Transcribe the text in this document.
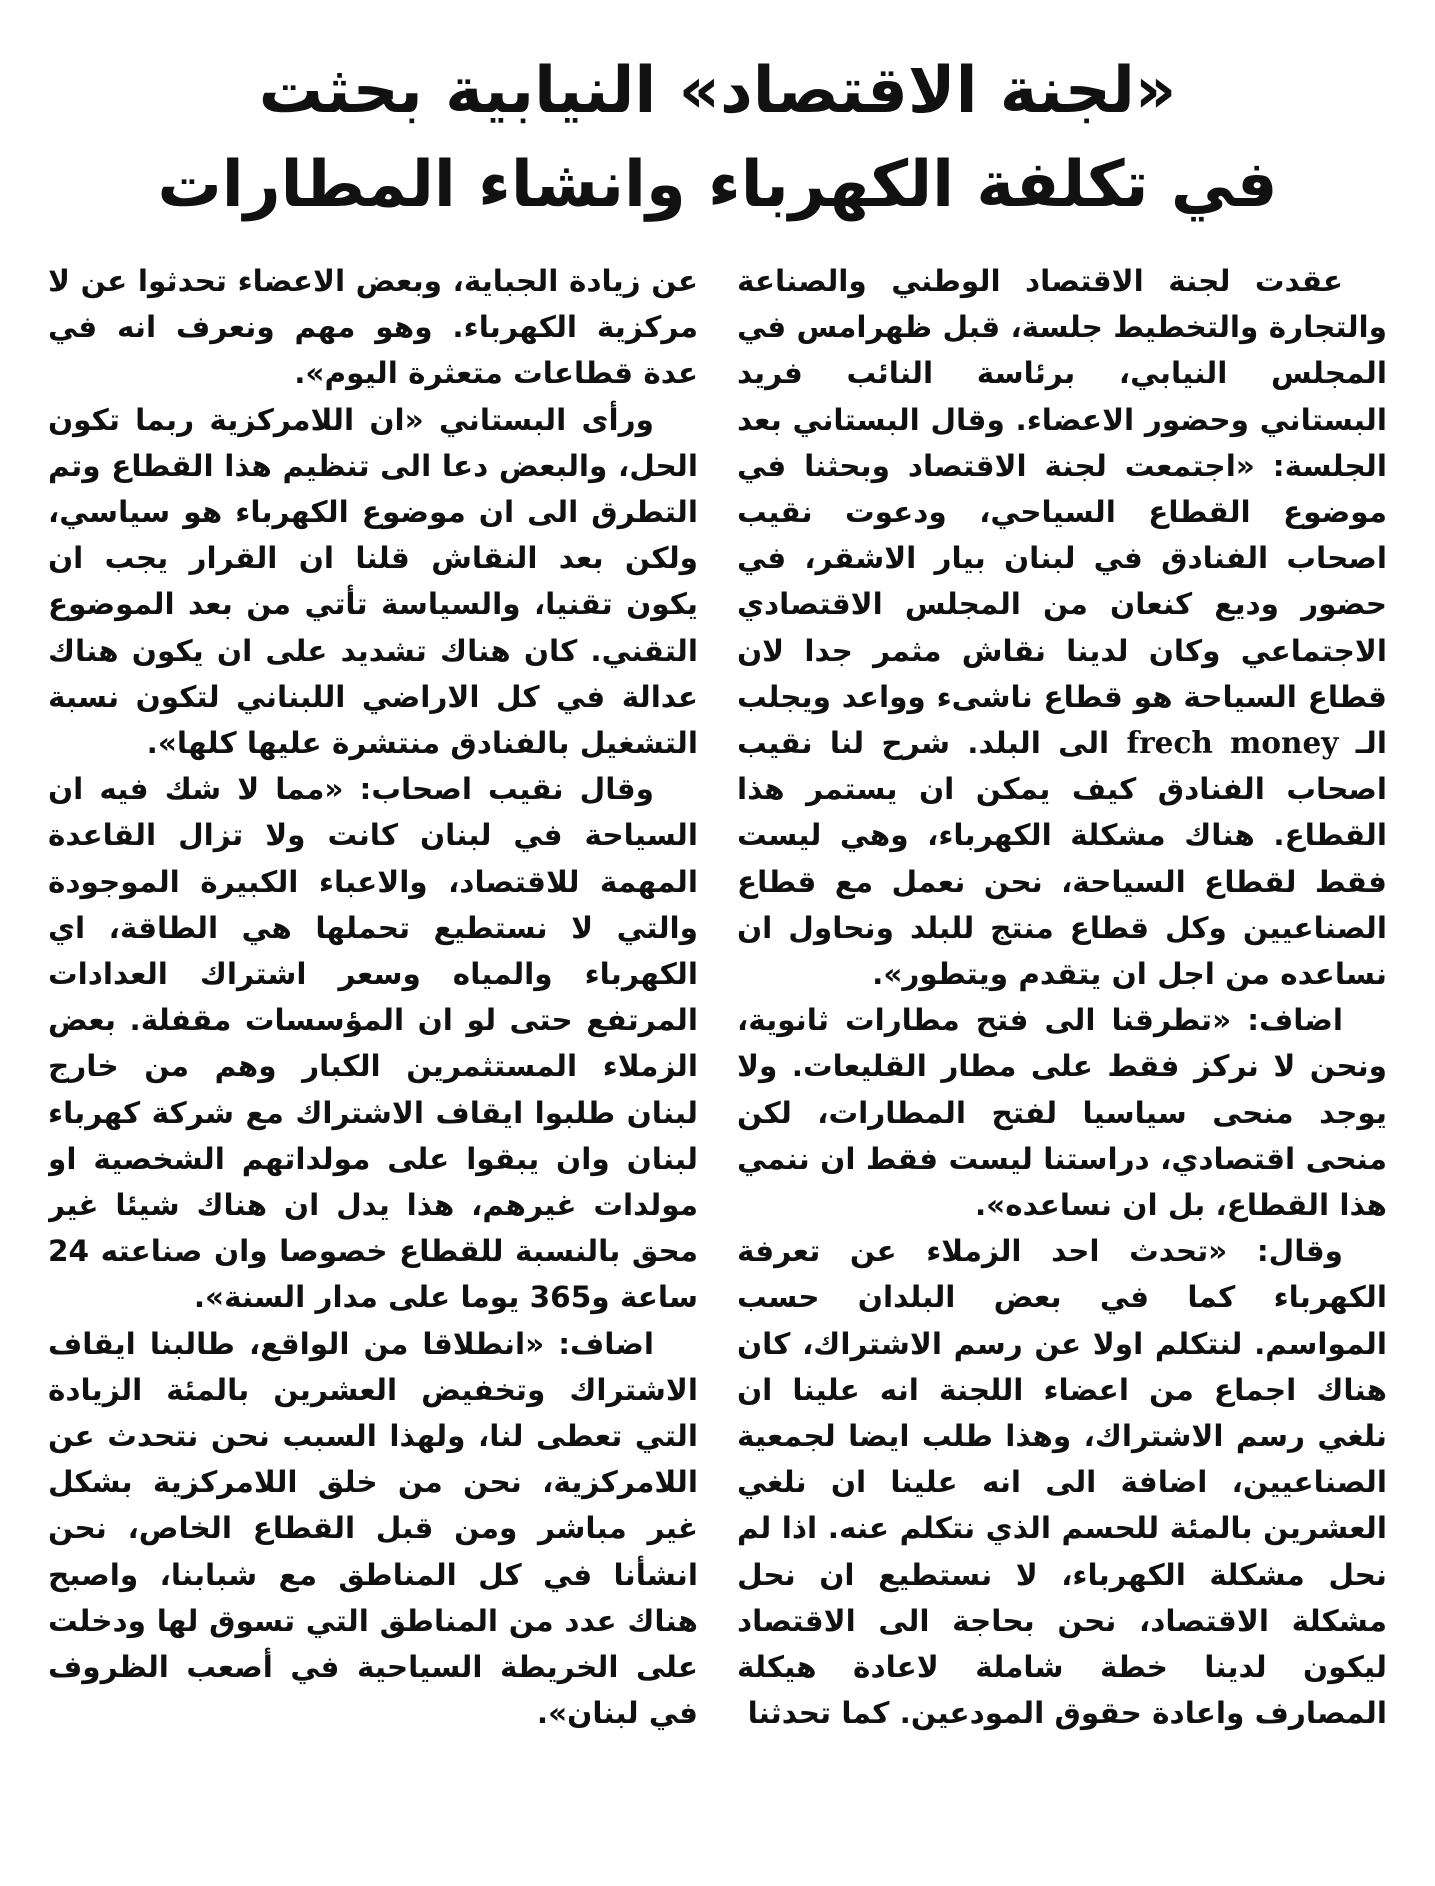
«لجنة الاقتصاد» النيابية بحثت
في تكلفة الكهرباء وانشاء المطارات

عقدت لجنة الاقتصاد الوطني والصناعة والتجارة والتخطيط جلسة، قبل ظهرامس في المجلس النيابي، برئاسة النائب فريد البستاني وحضور الاعضاء. وقال البستاني بعد الجلسة: «اجتمعت لجنة الاقتصاد وبحثنا في موضوع القطاع السياحي، ودعوت نقيب اصحاب الفنادق في لبنان بيار الاشقر، في حضور وديع كنعان من المجلس الاقتصادي الاجتماعي وكان لدينا نقاش مثمر جدا لان قطاع السياحة هو قطاع ناشىء وواعد ويجلب الـ frech money الى البلد. شرح لنا نقيب اصحاب الفنادق كيف يمكن ان يستمر هذا القطاع. هناك مشكلة الكهرباء، وهي ليست فقط لقطاع السياحة، نحن نعمل مع قطاع الصناعيين وكل قطاع منتج للبلد ونحاول ان نساعده من اجل ان يتقدم ويتطور».

اضاف: «تطرقنا الى فتح مطارات ثانوية، ونحن لا نركز فقط على مطار القليعات. ولا يوجد منحى سياسيا لفتح المطارات، لكن منحى اقتصادي، دراستنا ليست فقط ان ننمي هذا القطاع، بل ان نساعده».

وقال: «تحدث احد الزملاء عن تعرفة الكهرباء كما في بعض البلدان حسب المواسم. لنتكلم اولا عن رسم الاشتراك، كان هناك اجماع من اعضاء اللجنة انه علينا ان نلغي رسم الاشتراك، وهذا طلب ايضا لجمعية الصناعيين، اضافة الى انه علينا ان نلغي العشرين بالمئة للحسم الذي نتكلم عنه. اذا لم نحل مشكلة الكهرباء، لا نستطيع ان نحل مشكلة الاقتصاد، نحن بحاجة الى الاقتصاد ليكون لدينا خطة شاملة لاعادة هيكلة المصارف واعادة حقوق المودعين. كما تحدثنا

عن زيادة الجباية، وبعض الاعضاء تحدثوا عن لا مركزية الكهرباء. وهو مهم ونعرف انه في عدة قطاعات متعثرة اليوم».

ورأى البستاني «ان اللامركزية ربما تكون الحل، والبعض دعا الى تنظيم هذا القطاع وتم التطرق الى ان موضوع الكهرباء هو سياسي، ولكن بعد النقاش قلنا ان القرار يجب ان يكون تقنيا، والسياسة تأتي من بعد الموضوع التقني. كان هناك تشديد على ان يكون هناك عدالة في كل الاراضي اللبناني لتكون نسبة التشغيل بالفنادق منتشرة عليها كلها».

وقال نقيب اصحاب: «مما لا شك فيه ان السياحة في لبنان كانت ولا تزال القاعدة المهمة للاقتصاد، والاعباء الكبيرة الموجودة والتي لا نستطيع تحملها هي الطاقة، اي الكهرباء والمياه وسعر اشتراك العدادات المرتفع حتى لو ان المؤسسات مقفلة. بعض الزملاء المستثمرين الكبار وهم من خارج لبنان طلبوا ايقاف الاشتراك مع شركة كهرباء لبنان وان يبقوا على مولداتهم الشخصية او مولدات غيرهم، هذا يدل ان هناك شيئا غير محق بالنسبة للقطاع خصوصا وان صناعته 24 ساعة و365 يوما على مدار السنة».

اضاف: «انطلاقا من الواقع، طالبنا ايقاف الاشتراك وتخفيض العشرين بالمئة الزيادة التي تعطى لنا، ولهذا السبب نحن نتحدث عن اللامركزية، نحن من خلق اللامركزية بشكل غير مباشر ومن قبل القطاع الخاص، نحن انشأنا في كل المناطق مع شبابنا، واصبح هناك عدد من المناطق التي تسوق لها ودخلت على الخريطة السياحية في أصعب الظروف في لبنان».
